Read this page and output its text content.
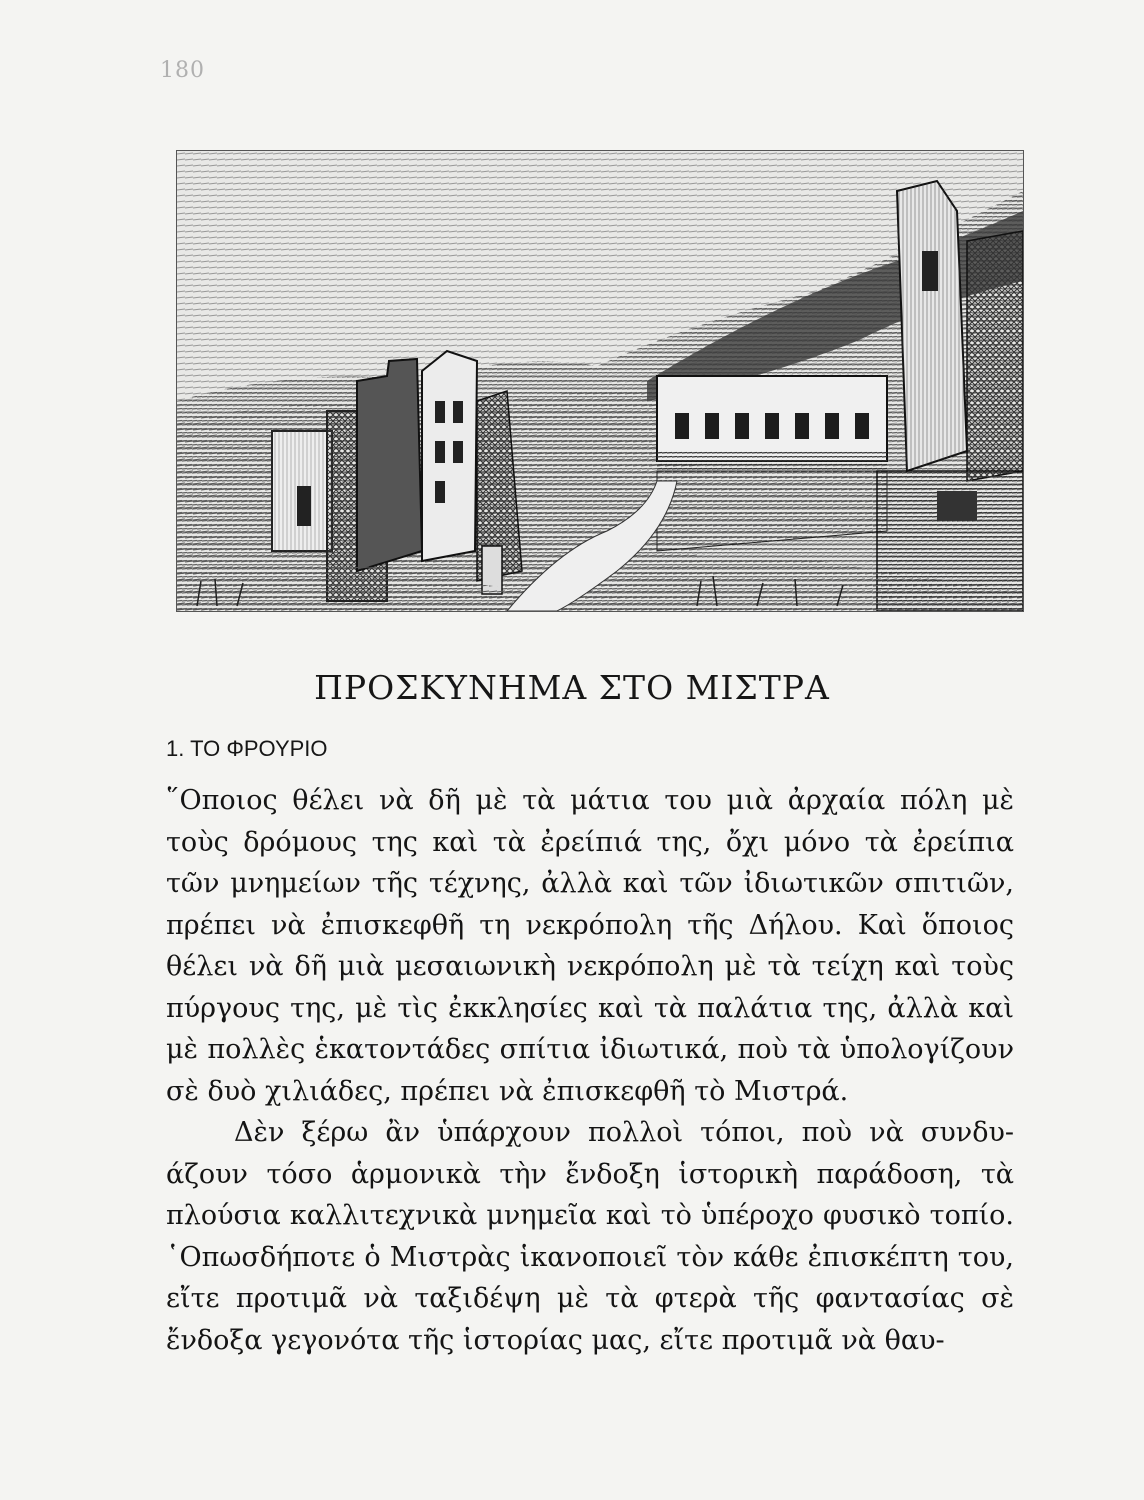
180
ΠΡΟΣΚΥΝΗΜΑ ΣΤΟ ΜΙΣΤΡΑ
1. ΤΟ ΦΡΟΥΡΙΟ

῞Οποιος θέλει νὰ δῆ μὲ τὰ μάτια του μιὰ ἀρχαία πόλη μὲ τοὺς δρόμους της καὶ τὰ ἐρείπιά της, ὄχι μόνο τὰ ἐρείπια τῶν μνημείων τῆς τέχνης, ἀλλὰ καὶ τῶν ἰδιωτικῶν σπιτιῶν, πρέπει νὰ ἐπισκεφθῆ τη νεκρόπολη τῆς Δήλου. Καὶ ὅποιος θέλει νὰ δῆ μιὰ μεσαιωνικὴ νεκρόπολη μὲ τὰ τείχη καὶ τοὺς πύργους της, μὲ τὶς ἐκκλησίες καὶ τὰ παλάτια της, ἀλλὰ καὶ μὲ πολλὲς ἑκατοντάδες σπίτια ἰδιωτικά, ποὺ τὰ ὑπολογίζουν σὲ δυὸ χιλιάδες, πρέπει νὰ ἐπισκεφθῆ τὸ Μιστρά.

Δὲν ξέρω ἂν ὑπάρχουν πολλοὶ τόποι, ποὺ νὰ συνδυάζουν τόσο ἁρμονικὰ τὴν ἔνδοξη ἱστορικὴ παράδοση, τὰ πλούσια καλλιτεχνικὰ μνημεῖα καὶ τὸ ὑπέροχο φυσικὸ τοπίο. ῾Οπωσδήποτε ὁ Μιστρὰς ἱκανοποιεῖ τὸν κάθε ἐπισκέπτη του, εἴτε προτιμᾶ νὰ ταξιδέψη μὲ τὰ φτερὰ τῆς φαντασίας σὲ ἔνδοξα γεγονότα τῆς ἱστορίας μας, εἴτε προτιμᾶ νὰ θαυ-
